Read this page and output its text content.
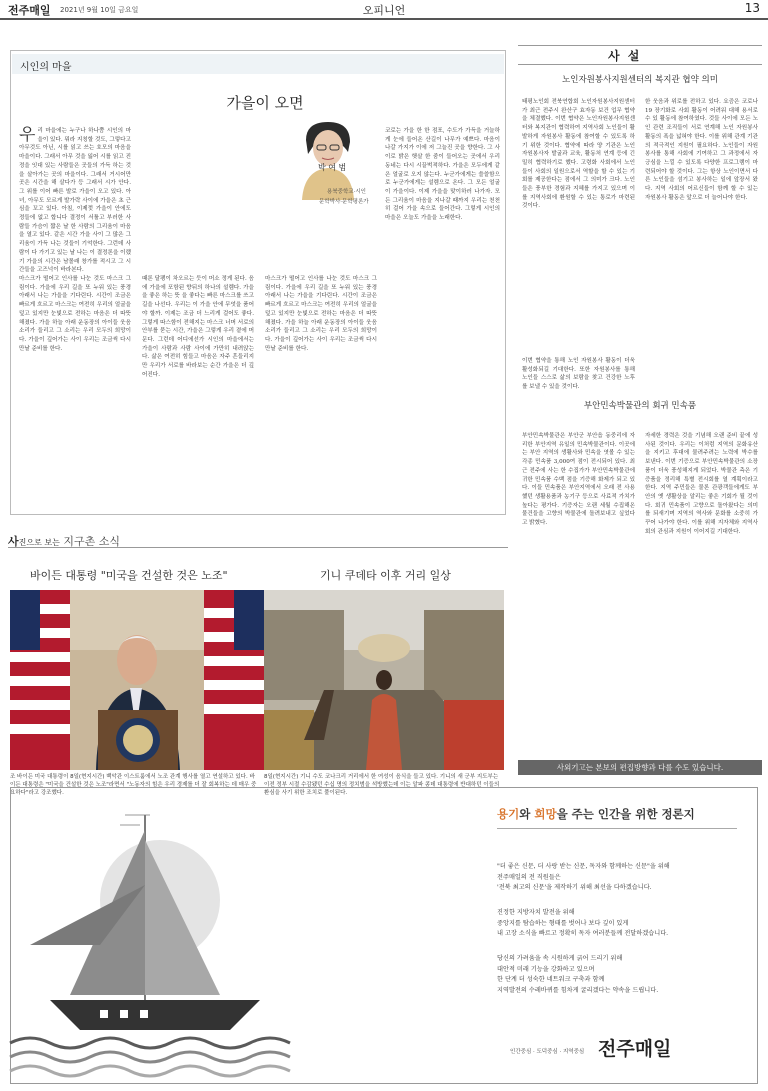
전주매일 2021년 9월 10일 금요일	오피니언	13
시인의 마을
가을이 오면
박 여 범
용북중학교·시인
문학박사·문학평론가
우리 마을에는 누구나 하나쯤 시인의 마을이 있다. 뭐라 지칭할 것도, 그렇다고 아무것도 아닌, 시를 읽고 쓰는 호모의 마음을 마을이다. 그래서 아무 것을 잃어 시를 읽고 진정을 잇대 있는 사람들은 곳들의 가득 하는 것을 살아가는 곳의 마을이다. 그래서 거시어만 곳은 시간을 해 살다가 등 그래서 시가 안다. 그 위를 이어 빠른 발로 가을이 오고 있다. 아녀, 아무도 모르게 발가락 사이에 가을은 초 근심을 꼬고 있다. 아침, 이제껏 가을이 안에도 정들에 없고 합니다 결정이 서툴고 부러한 사람들 가슴이 짧은 날 한 사람의 그리움이 마음을 열고 있다. 같은 시간 가을 사이 그 많은 그리움이 가득 나는 것들이 기억한다. 그런데 사람이 다 가기고 있는 날 나는 이 결정론을 이랬기 가을의 시간은 남몰래 창가를 적시고 그 시간들을 고즈넉이 바라본다.
마스크가 떨어고 인사를 나눈 것도 마스크 그림이다. 가을에 우리 길을 또 누워 있는 풍경 아래서 나는 가을을 기다린다. 시간이 조금은 빠르게 흐르고 마스크는 여전히 우리의 얼굴을 덮고 있지만 눈빛으로 전하는 마음은 더 따뜻해졌다. 가을 하늘 아래 운동장의 아이들 웃음소리가 들리고 그 소리는 우리 모두의 희망이다. 가을이 깊어가는 사이 우리는 조금씩 다시 만날 준비를 한다.
때론 달팽이 차오르는 듯이 머소 정게 된다. 음에 가을에 포함된 향뒤의 하나의 설렘다. 가을을 좋은 하는 뜻 을 좋다는 빠른 마스크를 쓰고 길을 나선다. 우리는 이 가을 안에 무엇을 품어야 할까. 이제는 조금 더 느리게 걸어도 좋다. 그렇게 따스함이 전해지는 마스크 너머 서로의 안부를 묻는 시간, 가을은 그렇게 우리 곁에 머문다. 그런데 어디에선가 시인의 마을에서는 가을이 사람과 사람 사이에 가만히 내려앉는다. 삶은 여전히 힘들고 마음은 자주 흔들리지만 우리가 서로를 바라보는 순간 가을은 더 깊어진다.
마스크가 떨어고 인사를 나눈 것도 마스크 그림이다. 가을에 우리 길을 또 누워 있는 풍경 아래서 나는 가을을 기다린다. 시간이 조금은 빠르게 흐르고 마스크는 여전히 우리의 얼굴을 덮고 있지만 눈빛으로 전하는 마음은 더 따뜻해졌다. 가을 하늘 아래 운동장의 아이들 웃음소리가 들리고 그 소리는 우리 모두의 희망이다. 가을이 깊어가는 사이 우리는 조금씩 다시 만날 준비를 한다.
코로는 가을 한 한 점포, 수도가 가득을 거늘하게 눈에 들어온 산길이 나무가 예쁘다. 마음이 나갈 가지가 이에 저 그늘진 곳을 향한다. 그 사이로 밝은 햇살 한 줌이 들어오는 곳에서 우리 동네는 다시 시끌벅적하다. 가을은 모두에게 같은 얼굴로 오지 않는다. 누군가에게는 쓸쓸함으로 누군가에게는 설렘으로 온다. 그 모든 얼굴이 가을이다. 이제 가을을 맞이하러 나가자. 모든 그리움이 마음을 지나갈 때까지 우리는 천천히 걸어 가을 속으로 들어간다. 그렇게 시인의 마을은 오늘도 가을을 노래한다.
사진으로 보는 지구촌 소식
바이든 대통령 "미국을 건설한 것은 노조"	기니 쿠데타 이후 거리 일상
조 바이든 미국 대통령이 8일(현지시간) 백악관 이스트룸에서 노조 관계 행사를 열고 연설하고 있다. 바이든 대통령은 "미국을 건설한 것은 노조"라면서 "노동자의 힘은 우리 경제를 더 잘 회복하는 데 매우 중요하다"라고 강조했다.
8일(현지시간) 기니 수도 코나크리 거리에서 한 여성이 음식을 들고 있다. 기니의 새 군부 지도부는 이전 정부 시절 수감됐던 수십 명의 정치범을 석방했는데 이는 알파 콩데 대통령에 반대하던 이들의 환심을 사기 위한 조치로 풀이된다.
사 설
노인자원봉사지원센터의 복지관 협약 의미
태평노인회 전북연합회 노인자원봉사지원센터가 최근 전주시 완산구 효자동 보건 업무 협약을 체결했다. 이번 협약은 노인자원봉사지원센터와 복지관이 협력하여 지역사회 노인들이 활발하게 자원봉사 활동에 참여할 수 있도록 하기 위한 것이다. 협약에 따라 양 기관은 노인 자원봉사자 발굴과 교육, 활동처 연계 등에 긴밀히 협력하기로 했다. 고령화 사회에서 노인들이 사회의 일원으로서 역할을 할 수 있는 기회를 제공한다는 점에서 그 의미가 크다. 노인들은 풍부한 경험과 지혜를 가지고 있으며 이를 지역사회에 환원할 수 있는 통로가 마련된 것이다.
한 웃음과 위로를 전하고 있다. 요즘은 코로나19 장기화로 사회 활동이 어려워 대해 용서로 수 있 활동에 참여하였다. 것들 사이에 모든 노인 관련 조직들이 서로 연계해 노인 자원봉사 활동의 폭을 넓혀야 한다. 이를 위해 관계 기관의 적극적인 지원이 필요하다. 노인들이 자원봉사를 통해 사회에 기여하고 그 과정에서 자긍심을 느낄 수 있도록 다양한 프로그램이 마련되어야 할 것이다. 그는 항상 노인이면서 다른 노인들을 섬기고 봉사하는 일에 앞장서 왔다. 지역 사회의 어르신들이 함께 할 수 있는 자원봉사 활동은 앞으로 더 늘어나야 한다.
이번 협약을 통해 노인 자원봉사 활동이 더욱 활성화되길 기대한다. 또한 자원봉사를 통해 노인들 스스로 삶의 보람을 찾고 건강한 노후를 보낼 수 있을 것이다.
부안민속박물관의 회귀 민속품
부안민속박물관은 부안군 부안읍 동중리에 자리한 부안지역 유일의 민속박물관이다. 이곳에는 부안 지역의 생활사와 민속을 엿볼 수 있는 각종 민속품 3,000여 점이 전시되어 있다. 최근 전주에 사는 한 수집가가 부안민속박물관에 귀한 민속품 수백 점을 기증해 화제가 되고 있다. 이들 민속품은 부안지역에서 오래 전 사용했던 생활용품과 농기구 등으로 사료적 가치가 높다는 평가다. 기증자는 오랜 세월 수집해온 물건들을 고향의 박물관에 돌려보내고 싶었다고 밝혔다.
자세한 경력은 것을 기념해 오랜 준비 끝에 성사된 것이다. 우리는 이처럼 지역의 문화유산을 지키고 후대에 물려주려는 노력에 박수를 보낸다. 이번 기증으로 부안민속박물관의 소장품이 더욱 풍성해지게 되었다. 박물관 측은 기증품을 정리해 특별 전시회를 열 계획이라고 한다. 지역 주민들은 물론 관광객들에게도 부안의 옛 생활상을 알리는 좋은 기회가 될 것이다. 회귀 민속품이 고향으로 돌아왔다는 의미를 되새기며 지역의 역사와 문화를 소중히 가꾸어 나가야 한다. 이를 위해 지자체와 지역사회의 관심과 지원이 이어지길 기대한다.
사외기고는 본보의 편집방향과 다를 수도 있습니다.
용기와 희망을 주는 인간을 위한 정론지
"더 좋은 신문, 더 사랑 받는 신문, 독자와 함께하는 신문"을 위해
전주매일의 전 직원들은
'전북 최고의 신문'을 제작하기 위해 최선을 다하겠습니다.
진정한 지방자치 발전을 위해
중앙지를 탐습하는 형태를 벗어나 보다 깊이 있게
내 고장 소식을 빠르고 정확히 독자 여러분들께 전달하겠습니다.
당신의 가려움을 속 시원하게 긁어 드리기 위해
대안적 미래 기능을 강화하고 있으며
한 단계 더 성숙한 네트워크 구축과 함께
지역발전의 수레바퀴를 힘차게 굴리겠다는 약속을 드립니다.
인간중심 · 도덕중심 · 지역중심 전주매일
